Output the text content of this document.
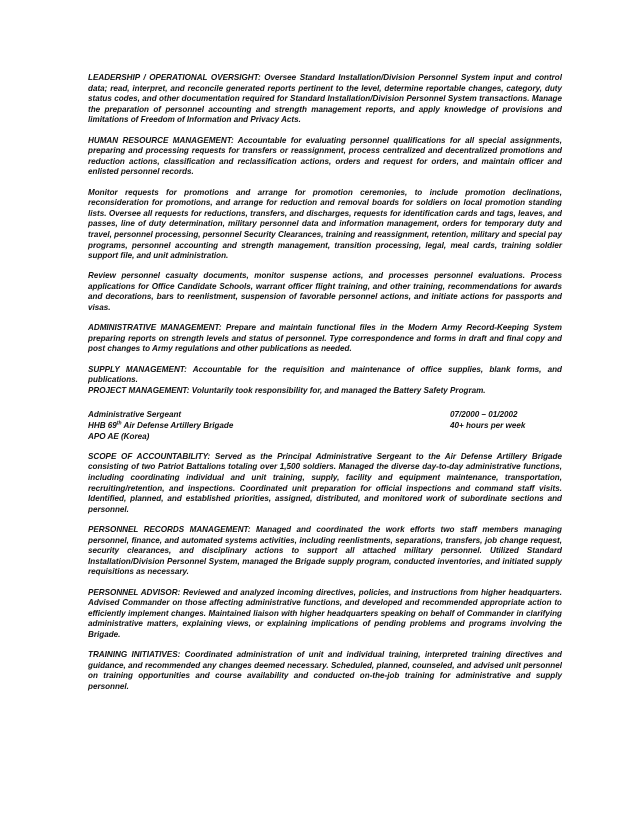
LEADERSHIP / OPERATIONAL OVERSIGHT: Oversee Standard Installation/Division Personnel System input and control data; read, interpret, and reconcile generated reports pertinent to the level, determine reportable changes, category, duty status codes, and other documentation required for Standard Installation/Division Personnel System transactions. Manage the preparation of personnel accounting and strength management reports, and apply knowledge of provisions and limitations of Freedom of Information and Privacy Acts.

HUMAN RESOURCE MANAGEMENT: Accountable for evaluating personnel qualifications for all special assignments, preparing and processing requests for transfers or reassignment, process centralized and decentralized promotions and reduction actions, classification and reclassification actions, orders and request for orders, and maintain officer and enlisted personnel records.

Monitor requests for promotions and arrange for promotion ceremonies, to include promotion declinations, reconsideration for promotions, and arrange for reduction and removal boards for soldiers on local promotion standing lists. Oversee all requests for reductions, transfers, and discharges, requests for identification cards and tags, leaves, and passes, line of duty determination, military personnel data and information management, orders for temporary duty and travel, personnel processing, personnel Security Clearances, training and reassignment, retention, military and special pay programs, personnel accounting and strength management, transition processing, legal, meal cards, training soldier support file, and unit administration.

Review personnel casualty documents, monitor suspense actions, and processes personnel evaluations. Process applications for Office Candidate Schools, warrant officer flight training, and other training, recommendations for awards and decorations, bars to reenlistment, suspension of favorable personnel actions, and initiate actions for passports and visas.

ADMINISTRATIVE MANAGEMENT: Prepare and maintain functional files in the Modern Army Record-Keeping System preparing reports on strength levels and status of personnel. Type correspondence and forms in draft and final copy and post changes to Army regulations and other publications as needed.

SUPPLY MANAGEMENT: Accountable for the requisition and maintenance of office supplies, blank forms, and publications.

PROJECT MANAGEMENT: Voluntarily took responsibility for, and managed the Battery Safety Program.

Administrative Sergeant	07/2000 – 01/2002
HHB 69th Air Defense Artillery Brigade	40+ hours per week
APO AE (Korea)

SCOPE OF ACCOUNTABILITY: Served as the Principal Administrative Sergeant to the Air Defense Artillery Brigade consisting of two Patriot Battalions totaling over 1,500 soldiers. Managed the diverse day-to-day administrative functions, including coordinating individual and unit training, supply, facility and equipment maintenance, transportation, recruiting/retention, and inspections. Coordinated unit preparation for official inspections and command staff visits. Identified, planned, and established priorities, assigned, distributed, and monitored work of subordinate sections and personnel.

PERSONNEL RECORDS MANAGEMENT: Managed and coordinated the work efforts two staff members managing personnel, finance, and automated systems activities, including reenlistments, separations, transfers, job change request, security clearances, and disciplinary actions to support all attached military personnel. Utilized Standard Installation/Division Personnel System, managed the Brigade supply program, conducted inventories, and initiated supply requisitions as necessary.

PERSONNEL ADVISOR: Reviewed and analyzed incoming directives, policies, and instructions from higher headquarters. Advised Commander on those affecting administrative functions, and developed and recommended appropriate action to efficiently implement changes. Maintained liaison with higher headquarters speaking on behalf of Commander in clarifying administrative matters, explaining views, or explaining implications of pending problems and programs involving the Brigade.

TRAINING INITIATIVES: Coordinated administration of unit and individual training, interpreted training directives and guidance, and recommended any changes deemed necessary. Scheduled, planned, counseled, and advised unit personnel on training opportunities and course availability and conducted on-the-job training for administrative and supply personnel.
